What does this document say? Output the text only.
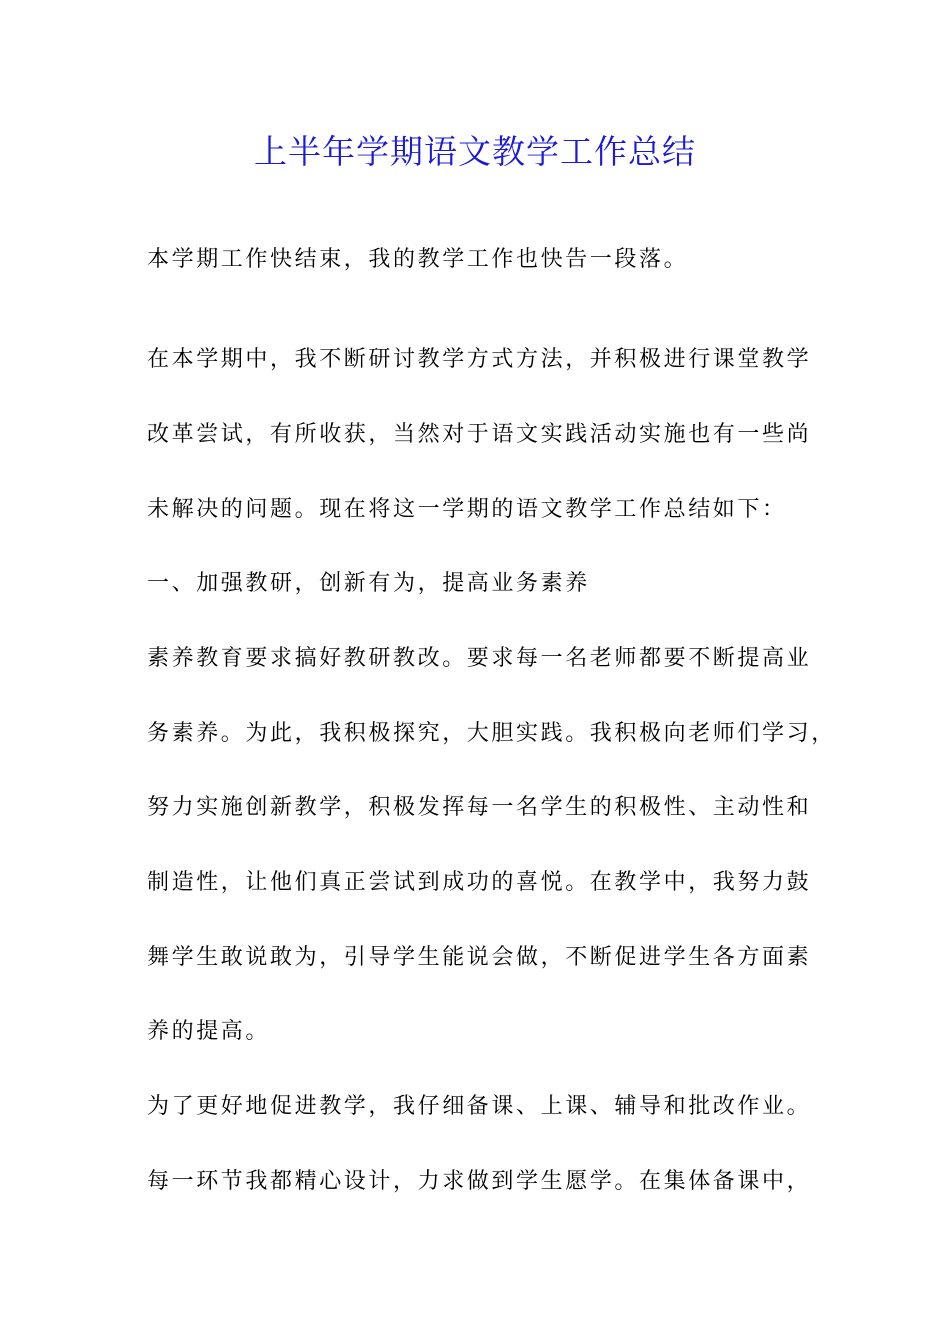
上半年学期语文教学工作总结

本学期工作快结束，我的教学工作也快告一段落。

在本学期中，我不断研讨教学方式方法，并积极进行课堂教学

改革尝试，有所收获，当然对于语文实践活动实施也有一些尚

未解决的问题。现在将这一学期的语文教学工作总结如下：

一、加强教研，创新有为，提高业务素养

素养教育要求搞好教研教改。要求每一名老师都要不断提高业

务素养。为此，我积极探究，大胆实践。我积极向老师们学习，

努力实施创新教学，积极发挥每一名学生的积极性、主动性和

制造性，让他们真正尝试到成功的喜悦。在教学中，我努力鼓

舞学生敢说敢为，引导学生能说会做，不断促进学生各方面素

养的提高。

为了更好地促进教学，我仔细备课、上课、辅导和批改作业。

每一环节我都精心设计，力求做到学生愿学。在集体备课中，
